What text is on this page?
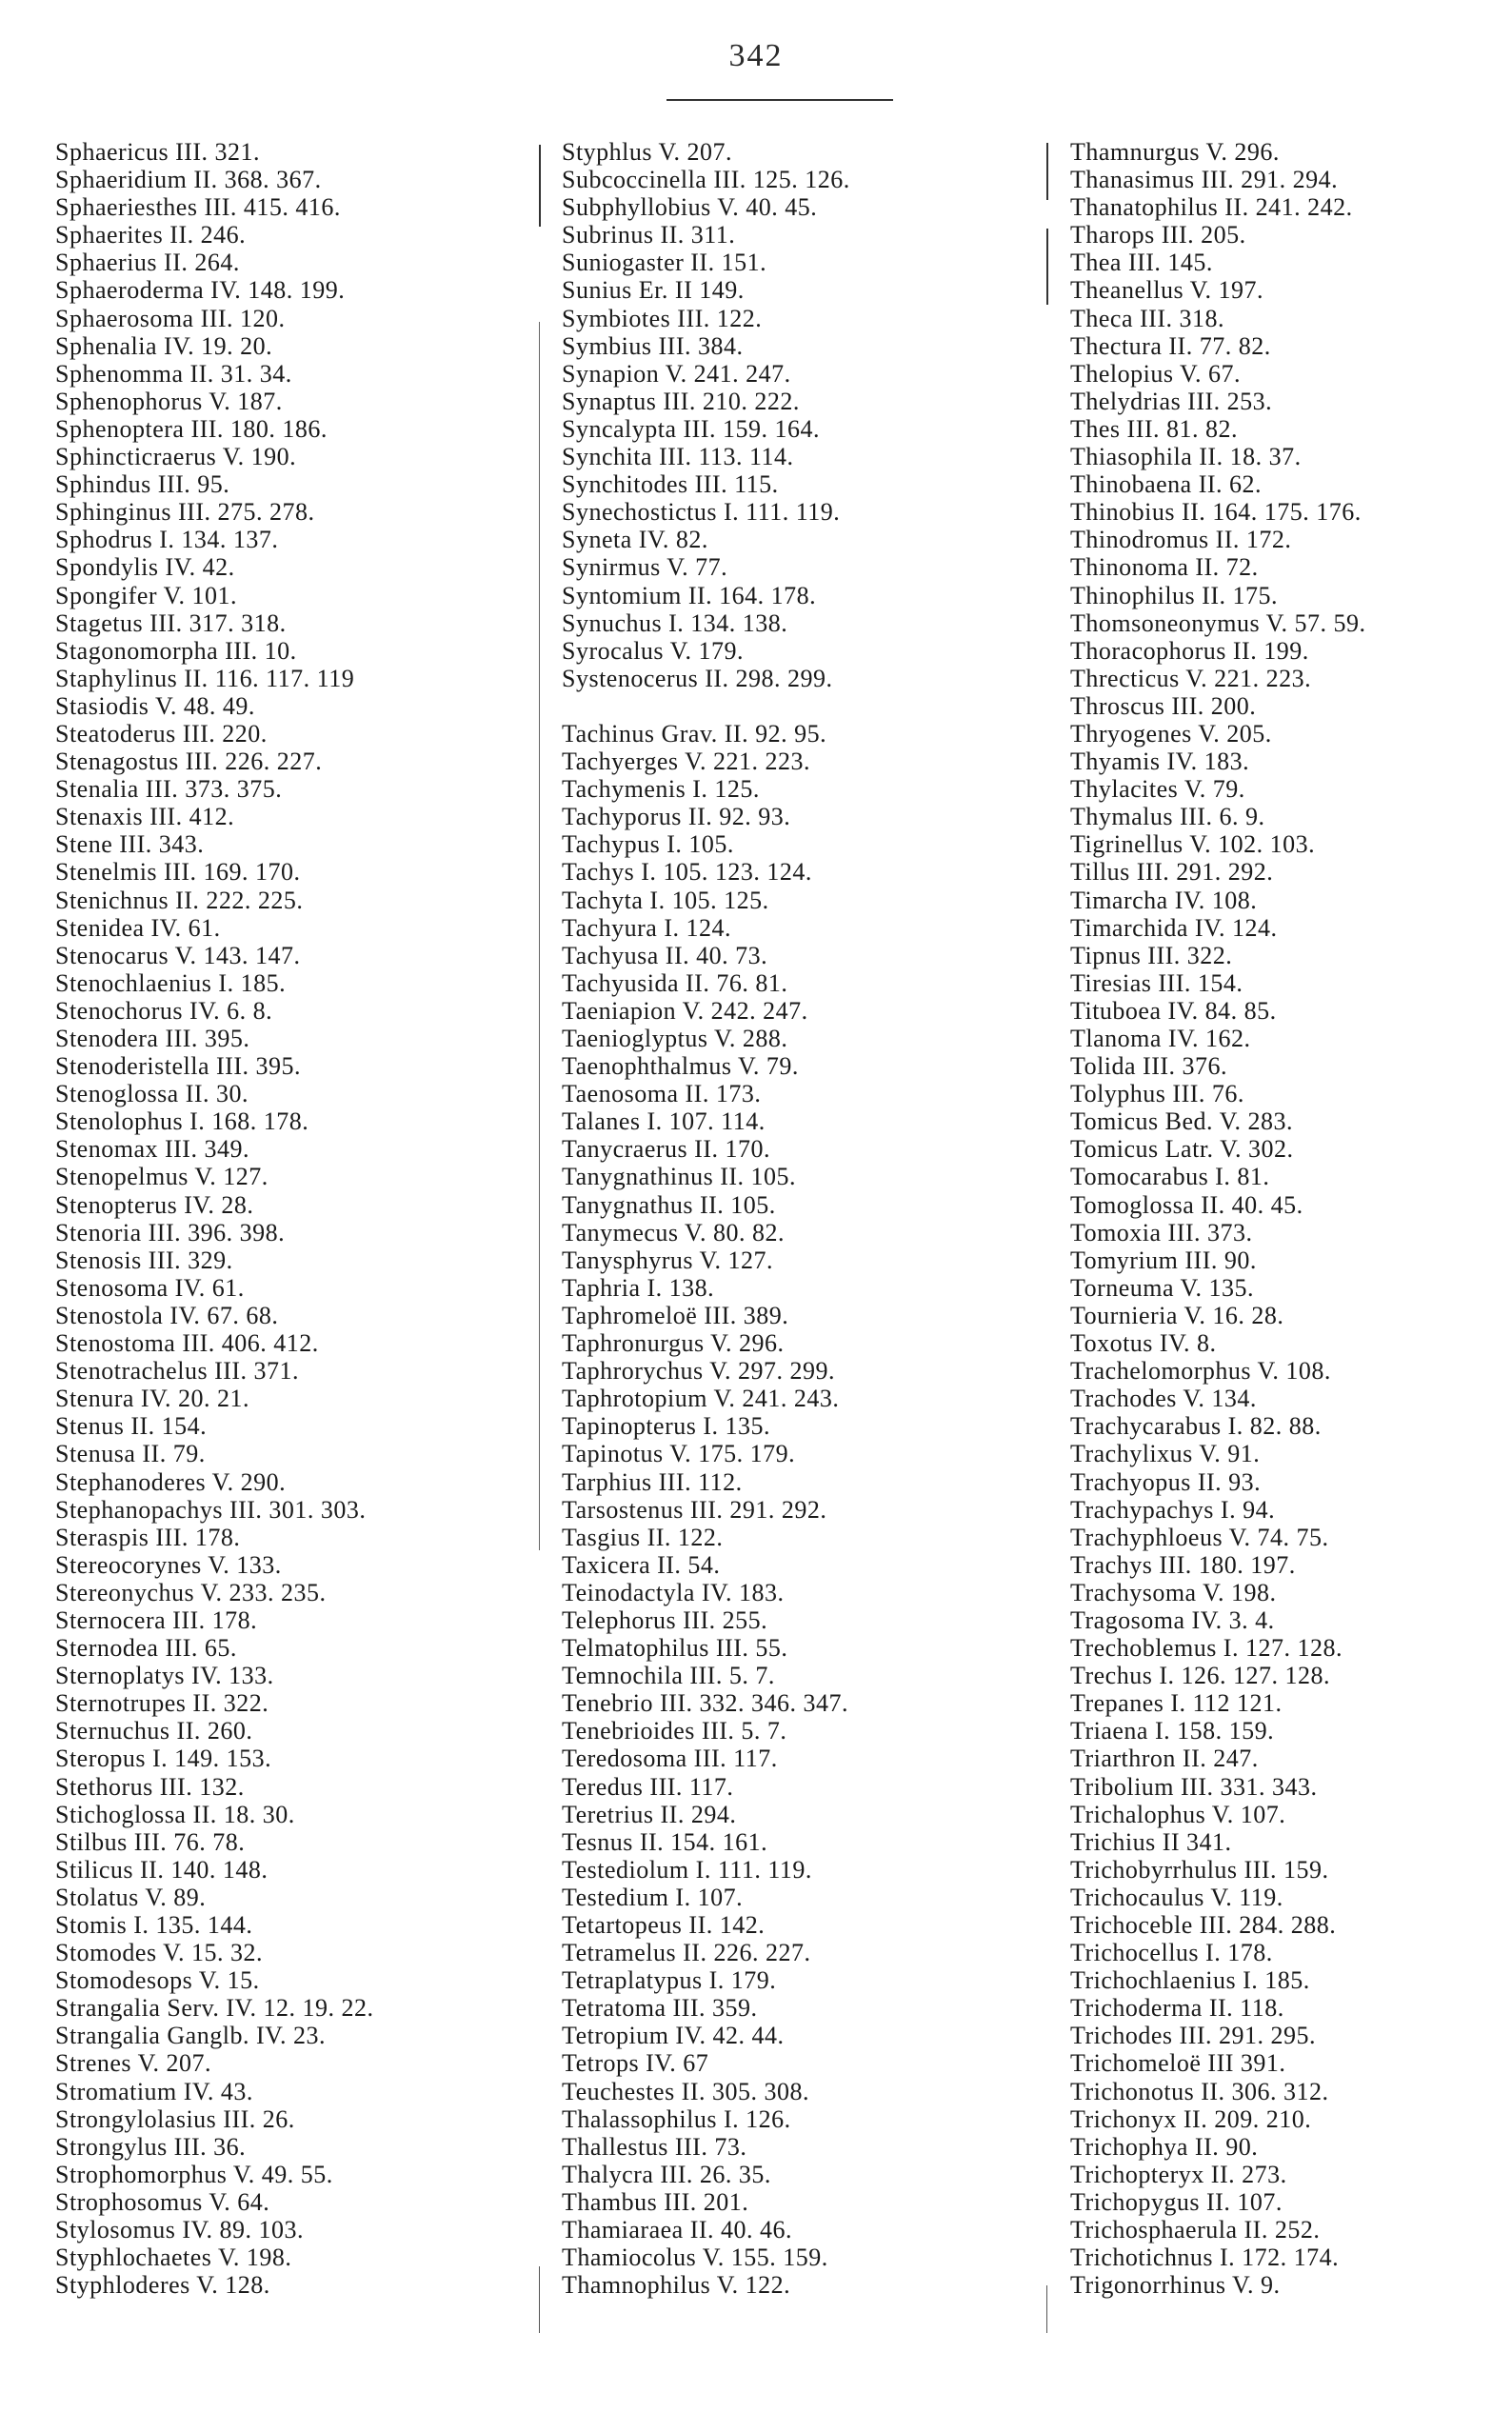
342
Sphaericus III. 321.
Sphaeridium II. 368. 367.
Sphaeriesthes III. 415. 416.
Sphaerites II. 246.
Sphaerius II. 264.
Sphaeroderma IV. 148. 199.
Sphaerosoma III. 120.
Sphenalia IV. 19. 20.
Sphenomma II. 31. 34.
Sphenophorus V. 187.
Sphenoptera III. 180. 186.
Sphincticraerus V. 190.
Sphindus III. 95.
Sphinginus III. 275. 278.
Sphodrus I. 134. 137.
Spondylis IV. 42.
Spongifer V. 101.
Stagetus III. 317. 318.
Stagonomorpha III. 10.
Staphylinus II. 116. 117. 119
Stasiodis V. 48. 49.
Steatoderus III. 220.
Stenagostus III. 226. 227.
Stenalia III. 373. 375.
Stenaxis III. 412.
Stene III. 343.
Stenelmis III. 169. 170.
Stenichnus II. 222. 225.
Stenidea IV. 61.
Stenocarus V. 143. 147.
Stenochlaenius I. 185.
Stenochorus IV. 6. 8.
Stenodera III. 395.
Stenoderistella III. 395.
Stenoglossa II. 30.
Stenolophus I. 168. 178.
Stenomax III. 349.
Stenopelmus V. 127.
Stenopterus IV. 28.
Stenoria III. 396. 398.
Stenosis III. 329.
Stenosoma IV. 61.
Stenostola IV. 67. 68.
Stenostoma III. 406. 412.
Stenotrachelus III. 371.
Stenura IV. 20. 21.
Stenus II. 154.
Stenusa II. 79.
Stephanoderes V. 290.
Stephanopachys III. 301. 303.
Steraspis III. 178.
Stereocorynes V. 133.
Stereonychus V. 233. 235.
Sternocera III. 178.
Sternodea III. 65.
Sternoplatys IV. 133.
Sternotrupes II. 322.
Sternuchus II. 260.
Steropus I. 149. 153.
Stethorus III. 132.
Stichoglossa II. 18. 30.
Stilbus III. 76. 78.
Stilicus II. 140. 148.
Stolatus V. 89.
Stomis I. 135. 144.
Stomodes V. 15. 32.
Stomodesops V. 15.
Strangalia Serv. IV. 12. 19. 22.
Strangalia Ganglb. IV. 23.
Strenes V. 207.
Stromatium IV. 43.
Strongylolasius III. 26.
Strongylus III. 36.
Strophomorphus V. 49. 55.
Strophosomus V. 64.
Stylosomus IV. 89. 103.
Styphlochaetes V. 198.
Styphloderes V. 128.
Styphlus V. 207.
Subcoccinella III. 125. 126.
Subphyllobius V. 40. 45.
Subrinus II. 311.
Suniogaster II. 151.
Sunius Er. II 149.
Symbiotes III. 122.
Symbius III. 384.
Synapion V. 241. 247.
Synaptus III. 210. 222.
Syncalypta III. 159. 164.
Synchita III. 113. 114.
Synchitodes III. 115.
Synechostictus I. 111. 119.
Syneta IV. 82.
Synirmus V. 77.
Syntomium II. 164. 178.
Synuchus I. 134. 138.
Syrocalus V. 179.
Systenocerus II. 298. 299.
Tachinus Grav. II. 92. 95.
Tachyerges V. 221. 223.
Tachymenis I. 125.
Tachyporus II. 92. 93.
Tachypus I. 105.
Tachys I. 105. 123. 124.
Tachyta I. 105. 125.
Tachyura I. 124.
Tachyusa II. 40. 73.
Tachyusida II. 76. 81.
Taeniapion V. 242. 247.
Taenioglyptus V. 288.
Taenophthalmus V. 79.
Taenosoma II. 173.
Talanes I. 107. 114.
Tanycraerus II. 170.
Tanygnathinus II. 105.
Tanygnathus II. 105.
Tanymecus V. 80. 82.
Tanysphyrus V. 127.
Taphria I. 138.
Taphromeloë III. 389.
Taphronurgus V. 296.
Taphrorychus V. 297. 299.
Taphrotopium V. 241. 243.
Tapinopterus I. 135.
Tapinotus V. 175. 179.
Tarphius III. 112.
Tarsostenus III. 291. 292.
Tasgius II. 122.
Taxicera II. 54.
Teinodactyla IV. 183.
Telephorus III. 255.
Telmatophilus III. 55.
Temnochila III. 5. 7.
Tenebrio III. 332. 346. 347.
Tenebrioides III. 5. 7.
Teredosoma III. 117.
Teredus III. 117.
Teretrius II. 294.
Tesnus II. 154. 161.
Testediolum I. 111. 119.
Testedium I. 107.
Tetartopeus II. 142.
Tetramelus II. 226. 227.
Tetraplatypus I. 179.
Tetratoma III. 359.
Tetropium IV. 42. 44.
Tetrops IV. 67
Teuchestes II. 305. 308.
Thalassophilus I. 126.
Thallestus III. 73.
Thalycra III. 26. 35.
Thambus III. 201.
Thamiaraea II. 40. 46.
Thamiocolus V. 155. 159.
Thamnophilus V. 122.
Thamnurgus V. 296.
Thanasimus III. 291. 294.
Thanatophilus II. 241. 242.
Tharops III. 205.
Thea III. 145.
Theanellus V. 197.
Theca III. 318.
Thectura II. 77. 82.
Thelopius V. 67.
Thelydrias III. 253.
Thes III. 81. 82.
Thiasophila II. 18. 37.
Thinobaena II. 62.
Thinobius II. 164. 175. 176.
Thinodromus II. 172.
Thinonoma II. 72.
Thinophilus II. 175.
Thomsoneonymus V. 57. 59.
Thoracophorus II. 199.
Threcticus V. 221. 223.
Throscus III. 200.
Thryogenes V. 205.
Thyamis IV. 183.
Thylacites V. 79.
Thymalus III. 6. 9.
Tigrinellus V. 102. 103.
Tillus III. 291. 292.
Timarcha IV. 108.
Timarchida IV. 124.
Tipnus III. 322.
Tiresias III. 154.
Tituboea IV. 84. 85.
Tlanoma IV. 162.
Tolida III. 376.
Tolyphus III. 76.
Tomicus Bed. V. 283.
Tomicus Latr. V. 302.
Tomocarabus I. 81.
Tomoglossa II. 40. 45.
Tomoxia III. 373.
Tomyrium III. 90.
Torneuma V. 135.
Tournieria V. 16. 28.
Toxotus IV. 8.
Trachelomorphus V. 108.
Trachodes V. 134.
Trachycarabus I. 82. 88.
Trachylixus V. 91.
Trachyopus II. 93.
Trachypachys I. 94.
Trachyphloeus V. 74. 75.
Trachys III. 180. 197.
Trachysoma V. 198.
Tragosoma IV. 3. 4.
Trechoblemus I. 127. 128.
Trechus I. 126. 127. 128.
Trepanes I. 112 121.
Triaena I. 158. 159.
Triarthron II. 247.
Tribolium III. 331. 343.
Trichalophus V. 107.
Trichius II 341.
Trichobyrrhulus III. 159.
Trichocaulus V. 119.
Trichoceble III. 284. 288.
Trichocellus I. 178.
Trichochlaenius I. 185.
Trichoderma II. 118.
Trichodes III. 291. 295.
Trichomeloë III 391.
Trichonotus II. 306. 312.
Trichonyx II. 209. 210.
Trichophya II. 90.
Trichopteryx II. 273.
Trichopygus II. 107.
Trichosphaerula II. 252.
Trichotichnus I. 172. 174.
Trigonorrhinus V. 9.
